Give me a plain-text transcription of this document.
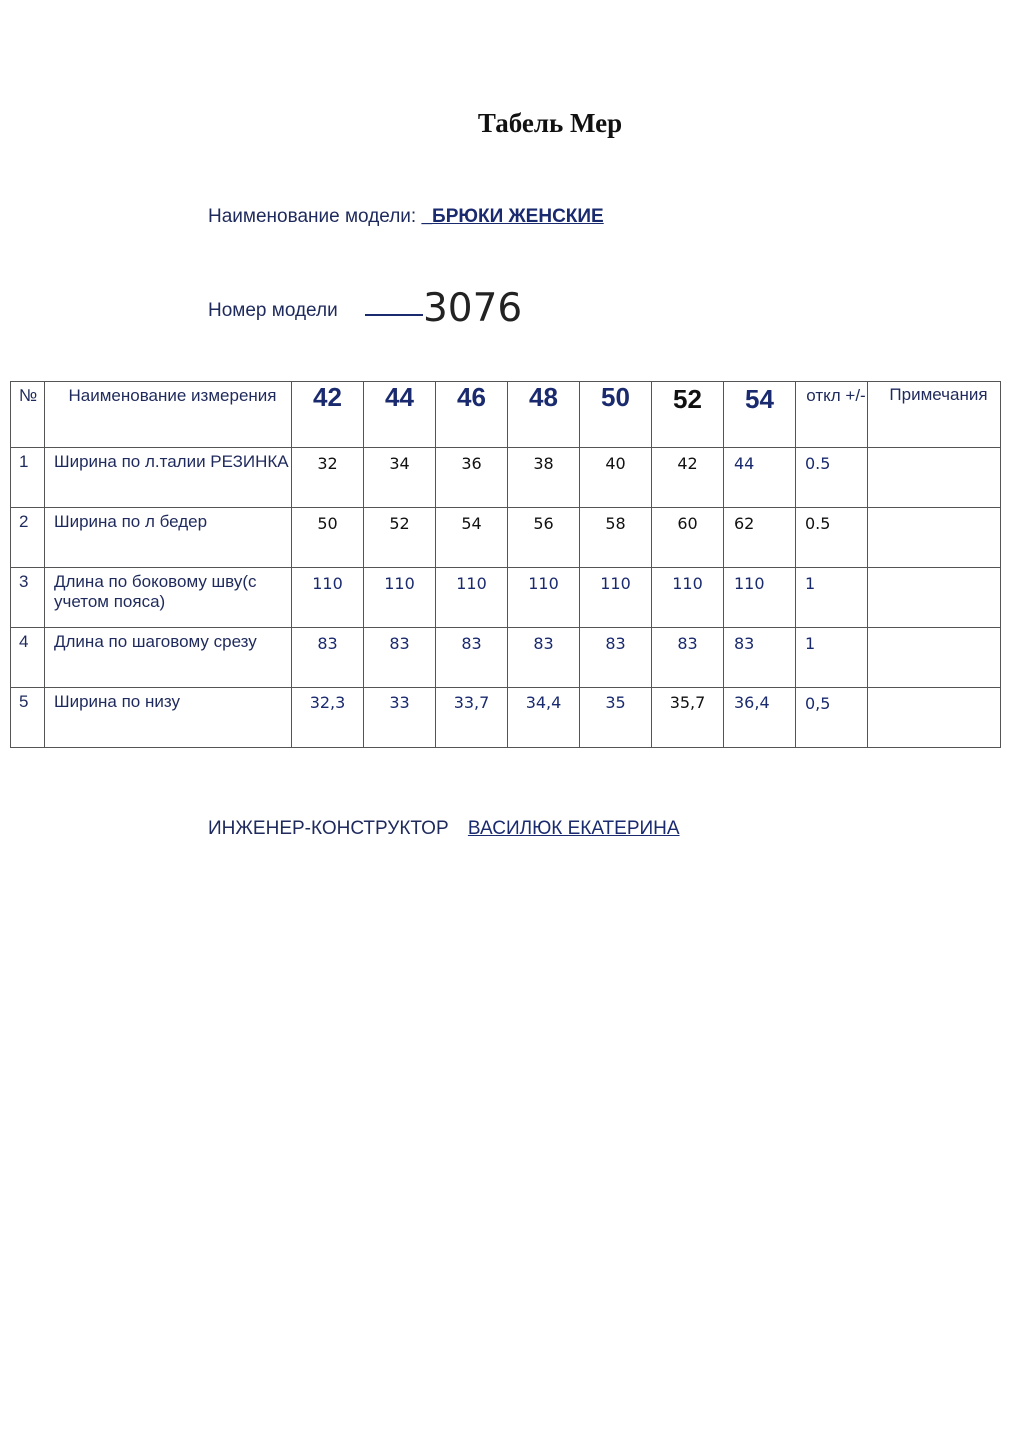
Табель Мер
Наименование модели: _БРЮКИ ЖЕНСКИЕ
Номер модели 3076
№	Наименование измерения	42	44	46	48	50	52	54	откл +/-	Примечания

1	Ширина по л.талии РЕЗИНКА	32	34	36	38	40	42	44	0.5	

2	Ширина по л бедер	50	52	54	56	58	60	62	0.5	

3	Длина по боковому шву(с учетом пояса)	110	110	110	110	110	110	110	1	

4	Длина по шаговому срезу	83	83	83	83	83	83	83	1	

5	Ширина по низу	32,3	33	33,7	34,4	35	35,7	36,4	0,5	

ИНЖЕНЕР-КОНСТРУКТОР ВАСИЛЮК ЕКАТЕРИНА
